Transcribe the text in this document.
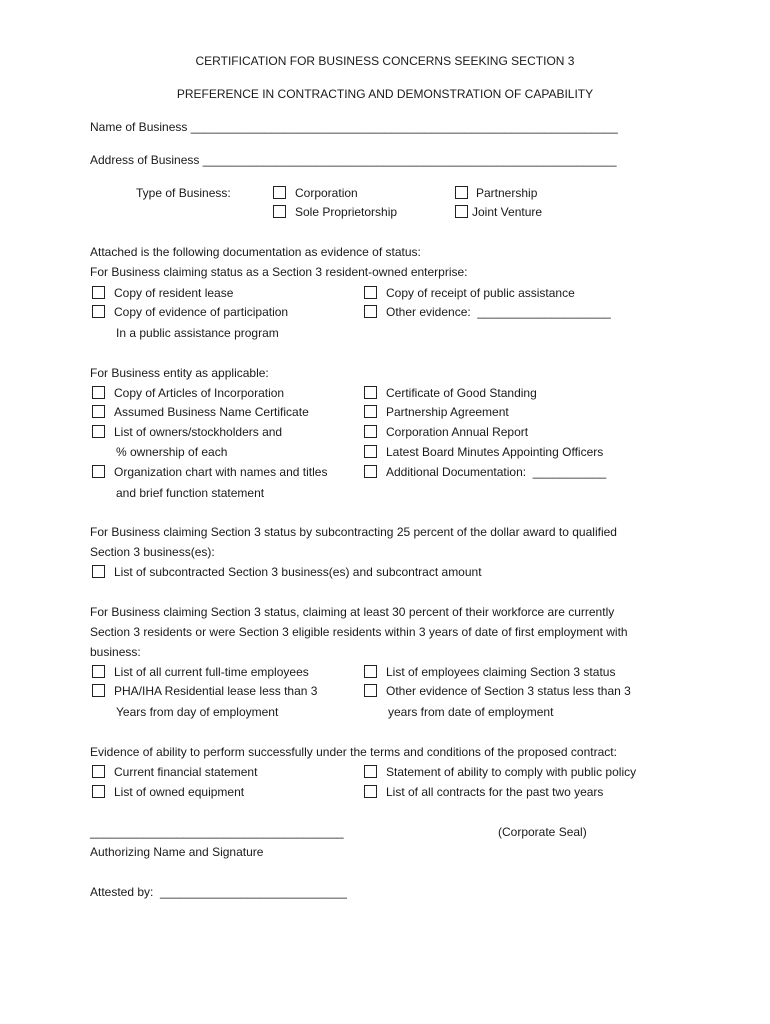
CERTIFICATION FOR BUSINESS CONCERNS SEEKING SECTION 3
PREFERENCE IN CONTRACTING AND DEMONSTRATION OF CAPABILITY
Name of Business ________________________________________________________________
Address of Business ______________________________________________________________
Type of Business:	Corporation	Partnership
Sole Proprietorship	Joint Venture
Attached is the following documentation as evidence of status:
For Business claiming status as a Section 3 resident-owned enterprise:
Copy of resident lease	Copy of receipt of public assistance
Copy of evidence of participation	Other evidence:  ____________________
In a public assistance program
For Business entity as applicable:
Copy of Articles of Incorporation	Certificate of Good Standing
Assumed Business Name Certificate	Partnership Agreement
List of owners/stockholders and	Corporation Annual Report
% ownership of each	Latest Board Minutes Appointing Officers
Organization chart with names and titles	Additional Documentation:  ___________
and brief function statement
For Business claiming Section 3 status by subcontracting 25 percent of the dollar award to qualified
Section 3 business(es):
List of subcontracted Section 3 business(es) and subcontract amount
For Business claiming Section 3 status, claiming at least 30 percent of their workforce are currently
Section 3 residents or were Section 3 eligible residents within 3 years of date of first employment with
business:
List of all current full-time employees	List of employees claiming Section 3 status
PHA/IHA Residential lease less than 3	Other evidence of Section 3 status less than 3
Years from day of employment	years from date of employment
Evidence of ability to perform successfully under the terms and conditions of the proposed contract:
Current financial statement	Statement of ability to comply with public policy
List of owned equipment	List of all contracts for the past two years
______________________________________	(Corporate Seal)
Authorizing Name and Signature
Attested by:  ____________________________
